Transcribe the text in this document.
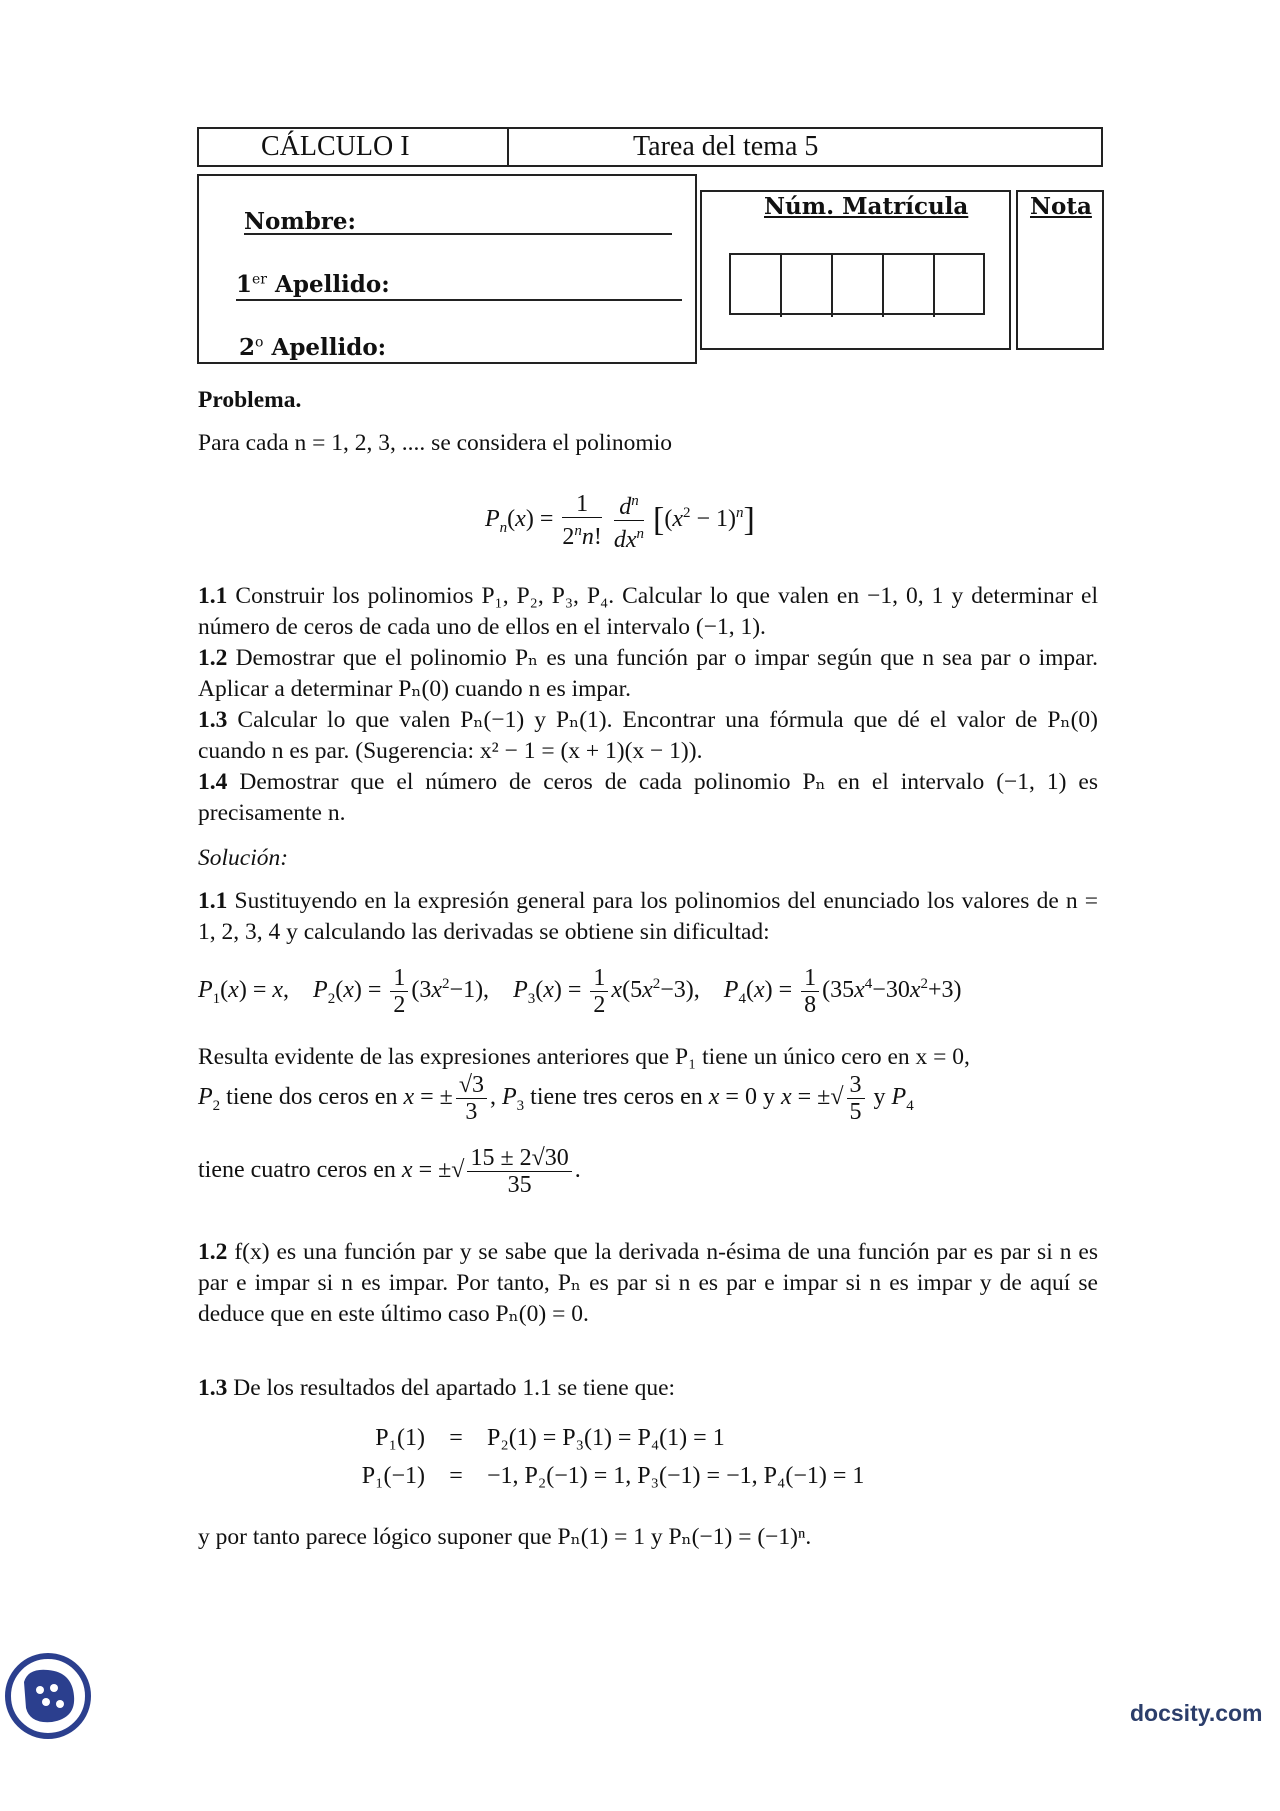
CÁLCULO I	Tarea del tema 5
Nombre:
1er Apellido:
2$^o$ Apellido:
Núm. Matrícula	Nota
Problema.
Para cada n = 1, 2, 3, .... se considera el polinomio
$P_n(x) = \frac{1}{2^nn!}$
$\frac{d^n}{dx^n} [(x^2 - 1)^n]$
1.1 Construir los polinomios P₁, P₂, P₃, P₄. Calcular lo que valen en −1, 0, 1 y determinar el número de ceros de cada uno de ellos en el intervalo (−1, 1).
1.2 Demostrar que el polinomio Pₙ es una función par o impar según que n sea par o impar. Aplicar a determinar Pₙ(0) cuando n es impar.
1.3 Calcular lo que valen Pₙ(−1) y Pₙ(1). Encontrar una fórmula que dé el valor de Pₙ(0) cuando n es par. (Sugerencia: x² − 1 = (x + 1)(x − 1)).
1.4 Demostrar que el número de ceros de cada polinomio Pₙ en el intervalo (−1, 1) es precisamente n.
Solución:
1.1 Sustituyendo en la expresión general para los polinomios del enunciado los valores de n = 1, 2, 3, 4 y calculando las derivadas se obtiene sin dificultad:
$P_1(x) = x$,    $P_2(x) = \frac{1}{2} (3x^2-1)$,    $P_3(x) = \frac{1}{2} x(5x^2-3)$,    $P_4(x) = \frac{1}{8} (35x^4-30x^2+3)$
Resulta evidente de las expresiones anteriores que P₁ tiene un único cero en x = 0,
$P_2$ tiene dos ceros en x = ± $\frac{√3}{3}$ , $P_3$ tiene tres ceros en x = 0 y x = ±√ $\frac{3}{5}$ y $P_4$
tiene cuatro ceros en x = ±√ $\frac{15 \pm 2√30}{35}$ .
1.2 f(x) es una función par y se sabe que la derivada n-ésima de una función par es par si n es par e impar si n es impar. Por tanto, Pₙ es par si n es par e impar si n es impar y de aquí se deduce que en este último caso Pₙ(0) = 0.
1.3 De los resultados del apartado 1.1 se tiene que:
P₁(1) = P₂(1) = P₃(1) = P₄(1) = 1
P₁(−1) = −1, P₂(−1) = 1, P₃(−1) = −1, P₄(−1) = 1
y por tanto parece lógico suponer que Pₙ(1) = 1 y Pₙ(−1) = (−1)ⁿ.
docsity.com
